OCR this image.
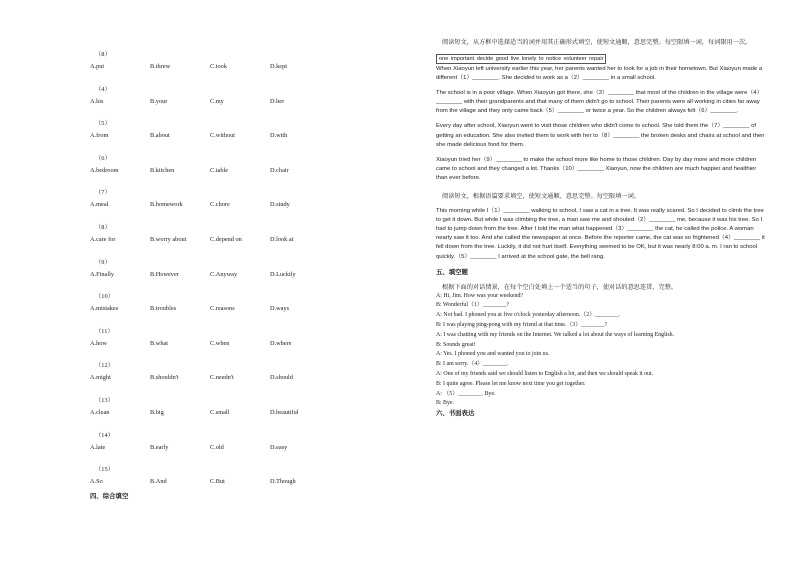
（8）
A.put	B.threw	C.took	D.kept
（4）
A.his	B.your	C.my	D.her
（5）
A.from	B.about	C.without	D.with
（6）
A.bedroom	B.kitchen	C.table	D.chair
（7）
A.meal	B.homework	C.chore	D.study
（8）
A.care for	B.worry about	C.depend on	D.look at
（9）
A.Finally	B.However	C.Anyway	D.Luckily
（10）
A.mistakes	B.troubles	C.reasons	D.ways
（11）
A.how	B.what	C.when	D.where
（12）
A.might	B.shouldn't	C.needn't	D.should
（13）
A.clean	B.big	C.small	D.beautiful
（14）
A.late	B.early	C.old	D.easy
（15）
A.So	B.And	C.But	D.Though
四、综合填空

阅读短文，从方框中选择适当的词并用其正确形式填空，使短文通顺，意思完整。每空限填一词，每词限用一次。

one important decide good live lonely to notice volunteer repair

When Xiaoyun left university earlier this year, her parents wanted her to look for a job in their hometown. But Xiaoyun made a different（1）________. She decided to work as a（2）________ in a small school.

The school is in a poor village. When Xiaoyun got there, she（3）________ that most of the children in the village were（4）________ with their grandparents and that many of them didn't go to school. Their parents were all working in cities far away from the village and they only came back（5）________ or twice a year. So the children always felt（6）________.

Every day after school, Xiaoyun went to visit those children who didn't come to school. She told them the（7）________ of getting an education. She also invited them to work with her to（8）________ the broken desks and chairs at school and then she made delicious food for them.

Xiaoyun tried her（9）________ to make the school more like home to those children. Day by day more and more children came to school and they changed a lot. Thanks（10）________ Xiaoyun, now the children are much happier and healthier than ever before.

阅读短文，根据语篇要求填空，使短文通顺、意思完整。每空限填一词。

This morning while I（1）________ walking to school, I saw a cat in a tree. It was really scared. So I decided to climb the tree to get it down. But while I was climbing the tree, a man saw me and shouted（2）________ me, because it was his tree. So I had to jump down from the tree. After I told the man what happened（3）________ the cat, he called the police. A woman nearly saw it too. And she called the newspaper at once. Before the reporter came, the cat was so frightened（4）________ it fell down from the tree. Luckily, it did not hurt itself. Everything seemed to be OK, but it was nearly 8:00 a. m. I ran to school quickly.（5）________ I arrived at the school gate, the bell rang.

五、填空题

根据下面的对话情景，在每个空白处填上一个适当的句子，使对话的意思连贯、完整。

A: Hi, Jim. How was your weekend?

B: Wonderful（1）________?

A: Not bad. I phoned you at five o'clock yesterday afternoon.（2）________.

B: I was playing ping-pong with my friend at that time.（3）________?

A: I was chatting with my friends on the Internet. We talked a lot about the ways of learning English.

B: Sounds great!

A: Yes. I phoned you and wanted you to join us.

B: I am sorry.（4）________.

A: One of my friends said we should listen to English a lot, and then we should speak it out.

B: I quite agree. Please let me know next time you get together.

A: （5）________. Bye.

B: Bye.

六、书面表达
